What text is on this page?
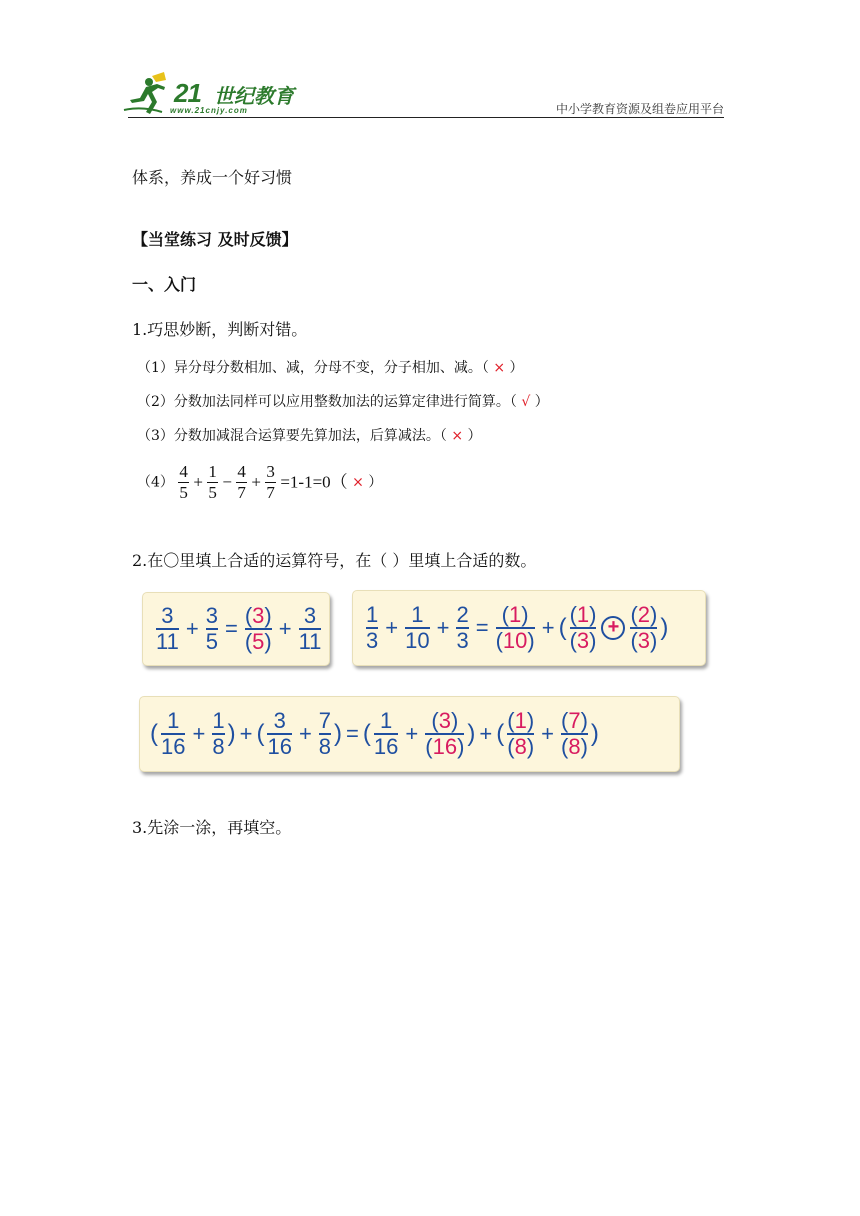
21 世纪教育
www.21cnjy.com	中小学教育资源及组卷应用平台
体系，养成一个好习惯
【当堂练习 及时反馈】
一、入门
1.巧思妙断，判断对错。
（1）异分母分数相加、减，分母不变，分子相加、减。（ × ）
（2）分数加法同样可以应用整数加法的运算定律进行简算。（ √ ）
（3）分数加减混合运算要先算加法，后算减法。（ × ）
$(4) \frac{4}{5} + \frac{1}{5} - \frac{4}{7} + \frac{3}{7} =1-1=0$（ × ）
2.在〇里填上合适的运算符号，在（ ）里填上合适的数。
3
11
+
3
5
=
(3)
(5)
+
3
11
1
3
+
1
10
+
2
3
=
(1)
(10)
+ ( (1)
(3)
+ (2)
(3) )
( 1
16
+
1
8 ) + ( 3
16
+
7
8 ) = ( 1
16
+
(3)
(16) ) + ( (1)
(8)
+
(7)
(8) )
3.先涂一涂，再填空。
